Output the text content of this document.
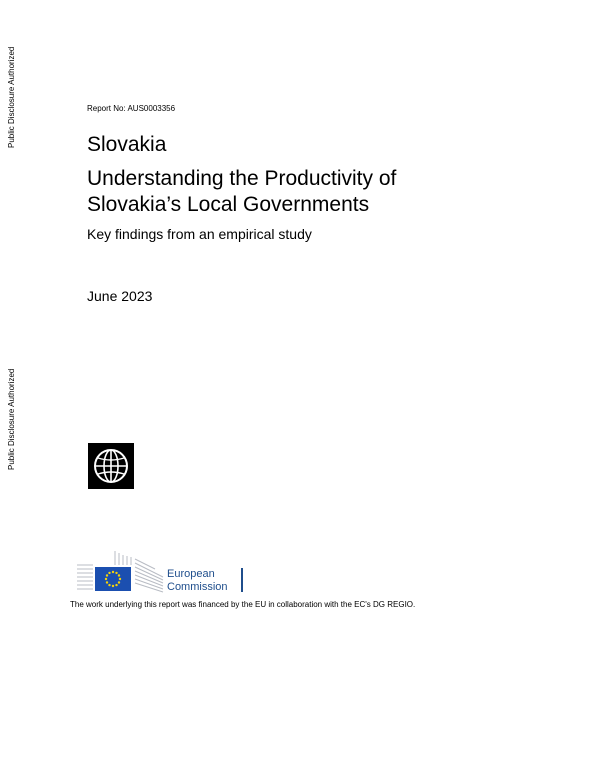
Public Disclosure Authorized
Public Disclosure Authorized
Report No: AUS0003356
Slovakia
Understanding the Productivity of
Slovakia’s Local Governments
Key findings from an empirical study
June 2023
European
Commission
The work underlying this report was financed by the EU in collaboration with the EC's DG REGIO.
